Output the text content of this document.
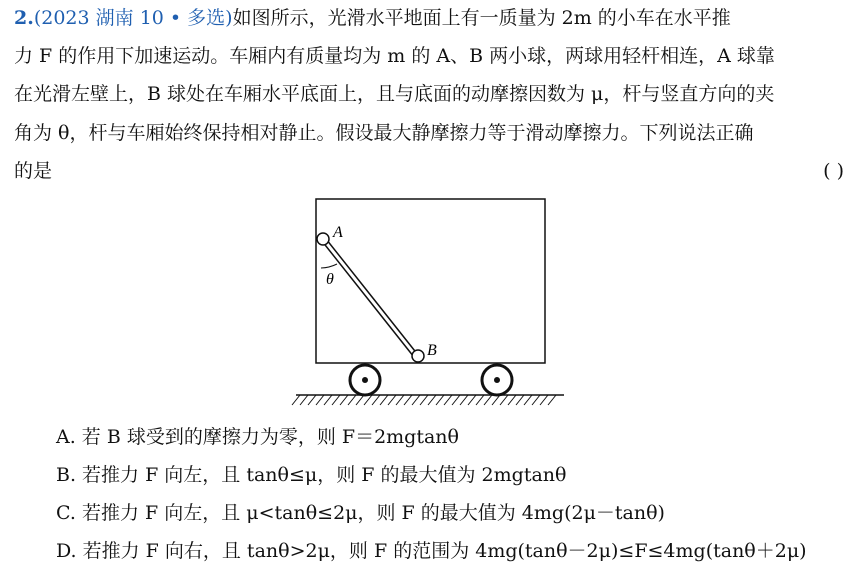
2.(2023 湖南 10 • 多选)如图所示，光滑水平地面上有一质量为 2m 的小车在水平推
力 F 的作用下加速运动。车厢内有质量均为 m 的 A、B 两小球，两球用轻杆相连，A 球靠
在光滑左壁上，B 球处在车厢水平底面上，且与底面的动摩擦因数为 μ，杆与竖直方向的夹
角为 θ，杆与车厢始终保持相对静止。假设最大静摩擦力等于滑动摩擦力。下列说法正确
的是	( )
A
θ
B
A. 若 B 球受到的摩擦力为零，则 F＝2mgtanθ
B. 若推力 F 向左，且 tanθ≤μ，则 F 的最大值为 2mgtanθ
C. 若推力 F 向左，且 μ<tanθ≤2μ，则 F 的最大值为 4mg(2μ－tanθ)
D. 若推力 F 向右，且 tanθ>2μ，则 F 的范围为 4mg(tanθ－2μ)≤F≤4mg(tanθ＋2μ)
